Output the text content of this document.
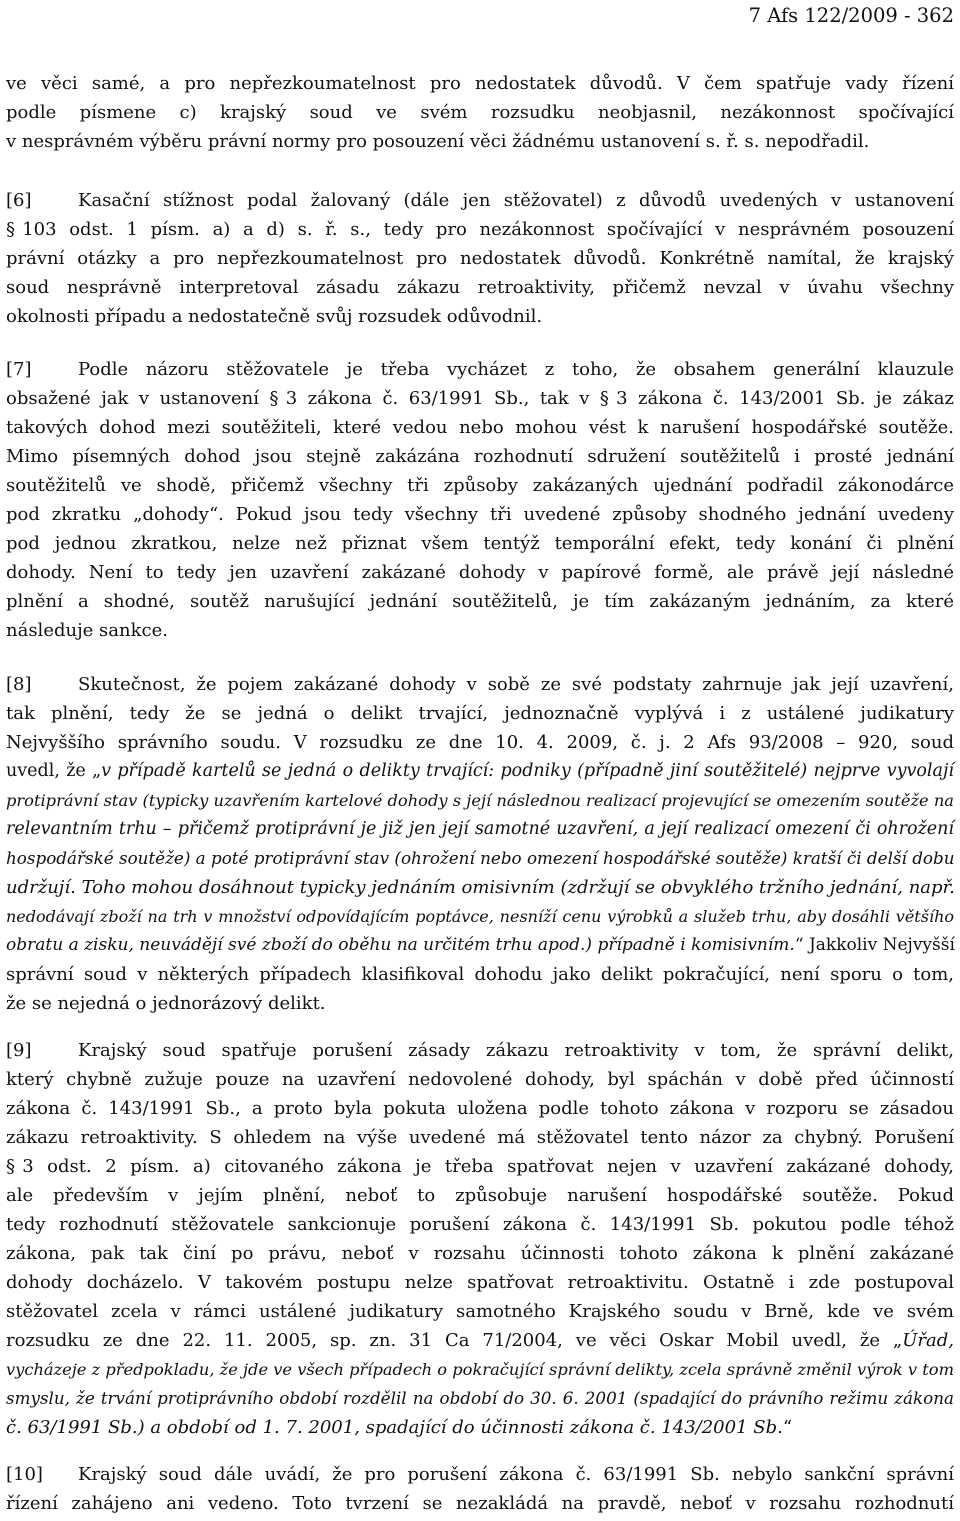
7 Afs 122/2009 - 362
ve věci samé, a pro nepřezkoumatelnost pro nedostatek důvodů. V čem spatřuje vady řízení
podle písmene c) krajský soud ve svém rozsudku neobjasnil, nezákonnost spočívající
v nesprávném výběru právní normy pro posouzení věci žádnému ustanovení s. ř. s. nepodřadil.
[6]	Kasační stížnost podal žalovaný (dále jen stěžovatel) z důvodů uvedených v ustanovení
§ 103 odst. 1 písm. a) a d) s. ř. s., tedy pro nezákonnost spočívající v nesprávném posouzení
právní otázky a pro nepřezkoumatelnost pro nedostatek důvodů. Konkrétně namítal, že krajský
soud nesprávně interpretoval zásadu zákazu retroaktivity, přičemž nevzal v úvahu všechny
okolnosti případu a nedostatečně svůj rozsudek odůvodnil.
[7]	Podle názoru stěžovatele je třeba vycházet z toho, že obsahem generální klauzule
obsažené jak v ustanovení § 3 zákona č. 63/1991 Sb., tak v § 3 zákona č. 143/2001 Sb. je zákaz
takových dohod mezi soutěžiteli, které vedou nebo mohou vést k narušení hospodářské soutěže.
Mimo písemných dohod jsou stejně zakázána rozhodnutí sdružení soutěžitelů i prosté jednání
soutěžitelů ve shodě, přičemž všechny tři způsoby zakázaných ujednání podřadil zákonodárce
pod zkratku „dohody“. Pokud jsou tedy všechny tři uvedené způsoby shodného jednání uvedeny
pod jednou zkratkou, nelze než přiznat všem tentýž temporální efekt, tedy konání či plnění
dohody. Není to tedy jen uzavření zakázané dohody v papírové formě, ale právě její následné
plnění a shodné, soutěž narušující jednání soutěžitelů, je tím zakázaným jednáním, za které
následuje sankce.
[8]	Skutečnost, že pojem zakázané dohody v sobě ze své podstaty zahrnuje jak její uzavření,
tak plnění, tedy že se jedná o delikt trvající, jednoznačně vyplývá i z ustálené judikatury
Nejvyššího správního soudu. V rozsudku ze dne 10. 4. 2009, č. j. 2 Afs 93/2008 – 920, soud
uvedl, že „v případě kartelů se jedná o delikty trvající: podniky (případně jiní soutěžitelé) nejprve vyvolají
protiprávní stav (typicky uzavřením kartelové dohody s její následnou realizací projevující se omezením soutěže na
relevantním trhu – přičemž protiprávní je již jen její samotné uzavření, a její realizací omezení či ohrožení
hospodářské soutěže) a poté protiprávní stav (ohrožení nebo omezení hospodářské soutěže) kratší či delší dobu
udržují. Toho mohou dosáhnout typicky jednáním omisivním (zdržují se obvyklého tržního jednání, např.
nedodávají zboží na trh v množství odpovídajícím poptávce, nesníží cenu výrobků a služeb trhu, aby dosáhli většího
obratu a zisku, neuvádějí své zboží do oběhu na určitém trhu apod.) případně i komisivním.“ Jakkoliv Nejvyšší
správní soud v některých případech klasifikoval dohodu jako delikt pokračující, není sporu o tom,
že se nejedná o jednorázový delikt.
[9]	Krajský soud spatřuje porušení zásady zákazu retroaktivity v tom, že správní delikt,
který chybně zužuje pouze na uzavření nedovolené dohody, byl spáchán v době před účinností
zákona č. 143/1991 Sb., a proto byla pokuta uložena podle tohoto zákona v rozporu se zásadou
zákazu retroaktivity. S ohledem na výše uvedené má stěžovatel tento názor za chybný. Porušení
§ 3 odst. 2 písm. a) citovaného zákona je třeba spatřovat nejen v uzavření zakázané dohody,
ale především v jejím plnění, neboť to způsobuje narušení hospodářské soutěže. Pokud
tedy rozhodnutí stěžovatele sankcionuje porušení zákona č. 143/1991 Sb. pokutou podle téhož
zákona, pak tak činí po právu, neboť v rozsahu účinnosti tohoto zákona k plnění zakázané
dohody docházelo. V takovém postupu nelze spatřovat retroaktivitu. Ostatně i zde postupoval
stěžovatel zcela v rámci ustálené judikatury samotného Krajského soudu v Brně, kde ve svém
rozsudku ze dne 22. 11. 2005, sp. zn. 31 Ca 71/2004, ve věci Oskar Mobil uvedl, že „Úřad,
vycházeje z předpokladu, že jde ve všech případech o pokračující správní delikty, zcela správně změnil výrok v tom
smyslu, že trvání protiprávního období rozdělil na období do 30. 6. 2001 (spadající do právního režimu zákona
č. 63/1991 Sb.) a období od 1. 7. 2001, spadající do účinnosti zákona č. 143/2001 Sb.“
[10] Krajský soud dále uvádí, že pro porušení zákona č. 63/1991 Sb. nebylo sankční správní
řízení zahájeno ani vedeno. Toto tvrzení se nezakládá na pravdě, neboť v rozsahu rozhodnutí
